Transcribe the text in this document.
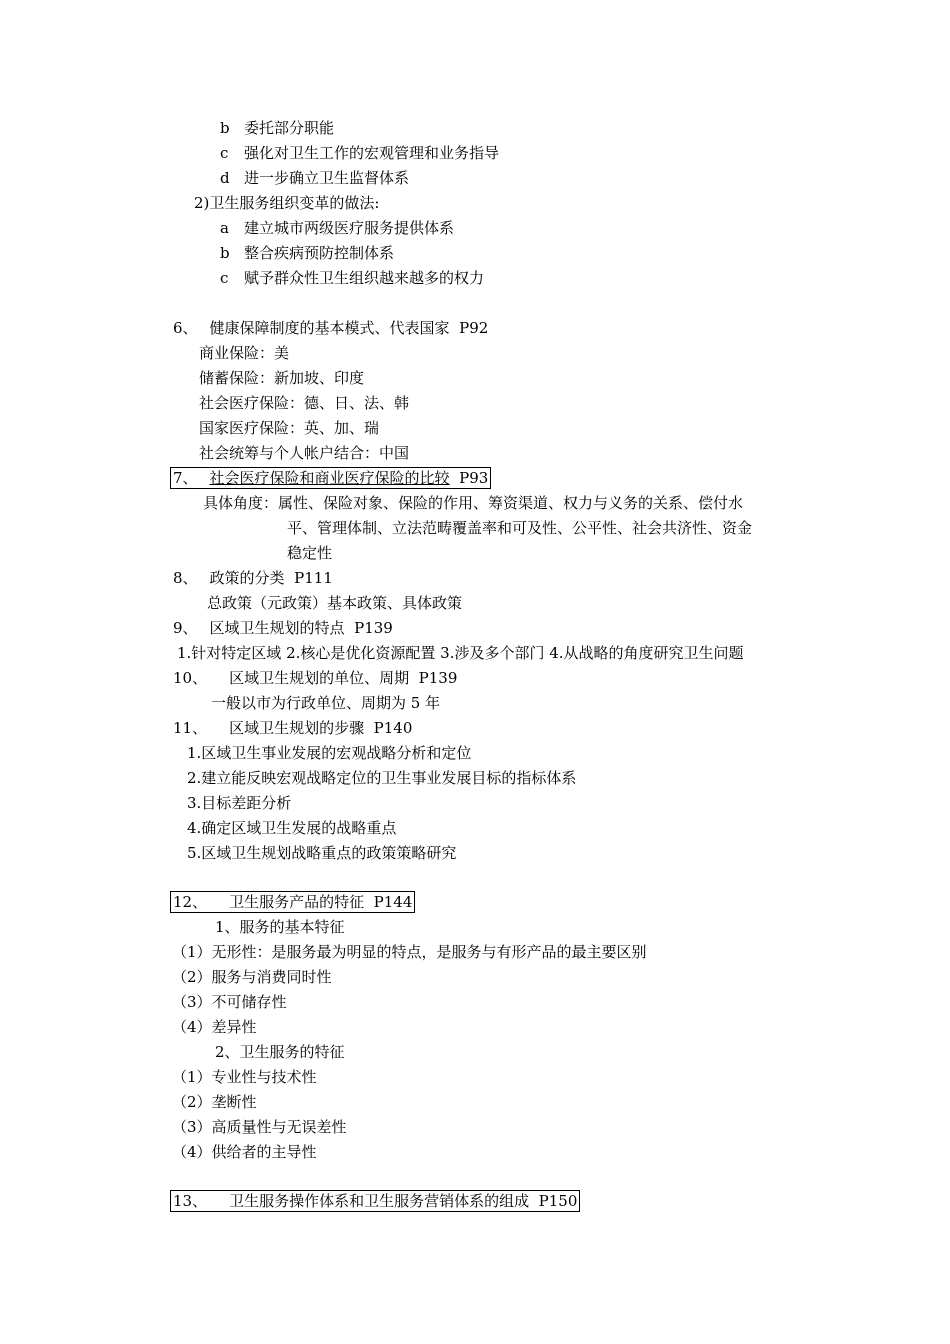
b 委托部分职能
c 强化对卫生工作的宏观管理和业务指导
d 进一步确立卫生监督体系
2)卫生服务组织变革的做法:
a 建立城市两级医疗服务提供体系
b 整合疾病预防控制体系
c 赋予群众性卫生组织越来越多的权力
6、 健康保障制度的基本模式、代表国家 P92
商业保险：美
储蓄保险：新加坡、印度
社会医疗保险：德、日、法、韩
国家医疗保险：英、加、瑞
社会统筹与个人帐户结合：中国
7、 社会医疗保险和商业医疗保险的比较 P93
具体角度：属性、保险对象、保险的作用、筹资渠道、权力与义务的关系、偿付水
平、管理体制、立法范畴覆盖率和可及性、公平性、社会共济性、资金
稳定性
8、 政策的分类 P111
总政策（元政策）基本政策、具体政策
9、 区域卫生规划的特点 P139
1.针对特定区域 2.核心是优化资源配置 3.涉及多个部门 4.从战略的角度研究卫生问题
10、 区域卫生规划的单位、周期 P139
一般以市为行政单位、周期为 5 年
11、 区域卫生规划的步骤 P140
1.区域卫生事业发展的宏观战略分析和定位
2.建立能反映宏观战略定位的卫生事业发展目标的指标体系
3.目标差距分析
4.确定区域卫生发展的战略重点
5.区域卫生规划战略重点的政策策略研究
12、 卫生服务产品的特征 P144
1、服务的基本特征
（1）无形性：是服务最为明显的特点，是服务与有形产品的最主要区别
（2）服务与消费同时性
（3）不可储存性
（4）差异性
2、卫生服务的特征
（1）专业性与技术性
（2）垄断性
（3）高质量性与无误差性
（4）供给者的主导性
13、 卫生服务操作体系和卫生服务营销体系的组成 P150
